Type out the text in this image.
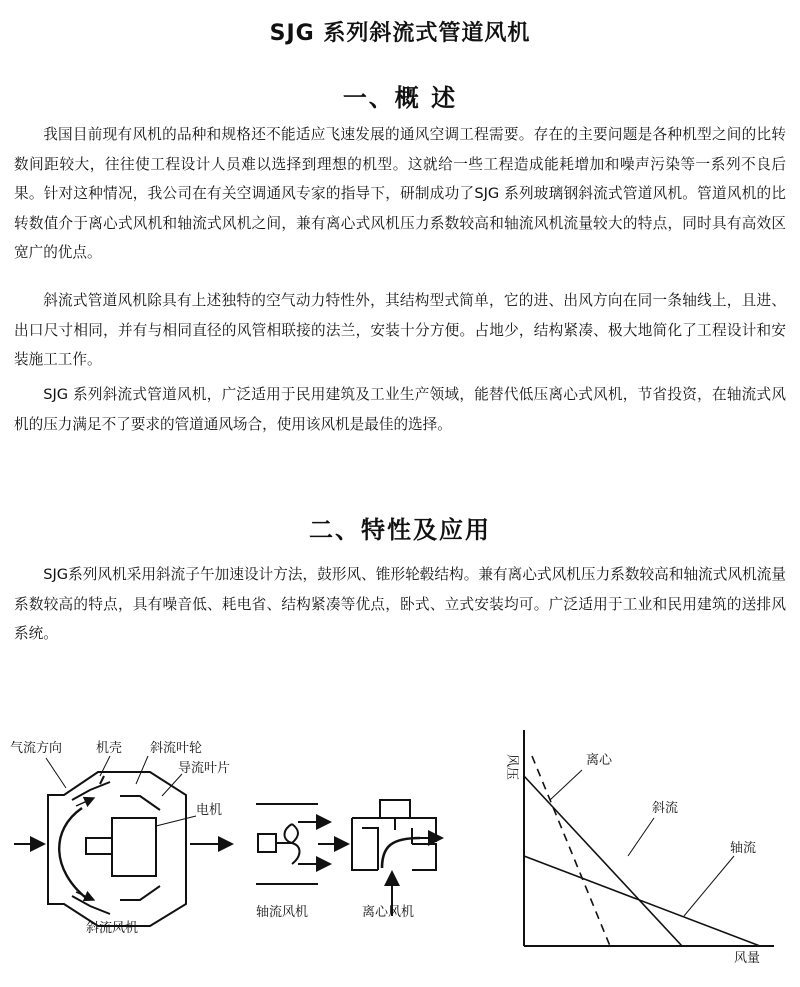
SJG 系列斜流式管道风机
一、概 述

我国目前现有风机的品种和规格还不能适应飞速发展的通风空调工程需要。存在的主要问题是各种机型之间的比转数间距较大，往往使工程设计人员难以选择到理想的机型。这就给一些工程造成能耗增加和噪声污染等一系列不良后果。针对这种情况，我公司在有关空调通风专家的指导下，研制成功了SJG 系列玻璃钢斜流式管道风机。管道风机的比转数值介于离心式风机和轴流式风机之间，兼有离心式风机压力系数较高和轴流风机流量较大的特点，同时具有高效区宽广的优点。

斜流式管道风机除具有上述独特的空气动力特性外，其结构型式简单，它的进、出风方向在同一条轴线上，且进、出口尺寸相同，并有与相同直径的风管相联接的法兰，安装十分方便。占地少，结构紧凑、极大地简化了工程设计和安装施工工作。

SJG 系列斜流式管道风机，广泛适用于民用建筑及工业生产领域，能替代低压离心式风机，节省投资，在轴流式风机的压力满足不了要求的管道通风场合，使用该风机是最佳的选择。

二、特性及应用

SJG系列风机采用斜流子午加速设计方法，鼓形风、锥形轮毂结构。兼有离心式风机压力系数较高和轴流式风机流量系数较高的特点，具有噪音低、耗电省、结构紧凑等优点，卧式、立式安装均可。广泛适用于工业和民用建筑的送排风系统。

气流方向	机壳 斜流叶轮
导流叶片
电机
斜流风机
轴流风机	离心风机
风压
风量
离心
斜流
轴流
